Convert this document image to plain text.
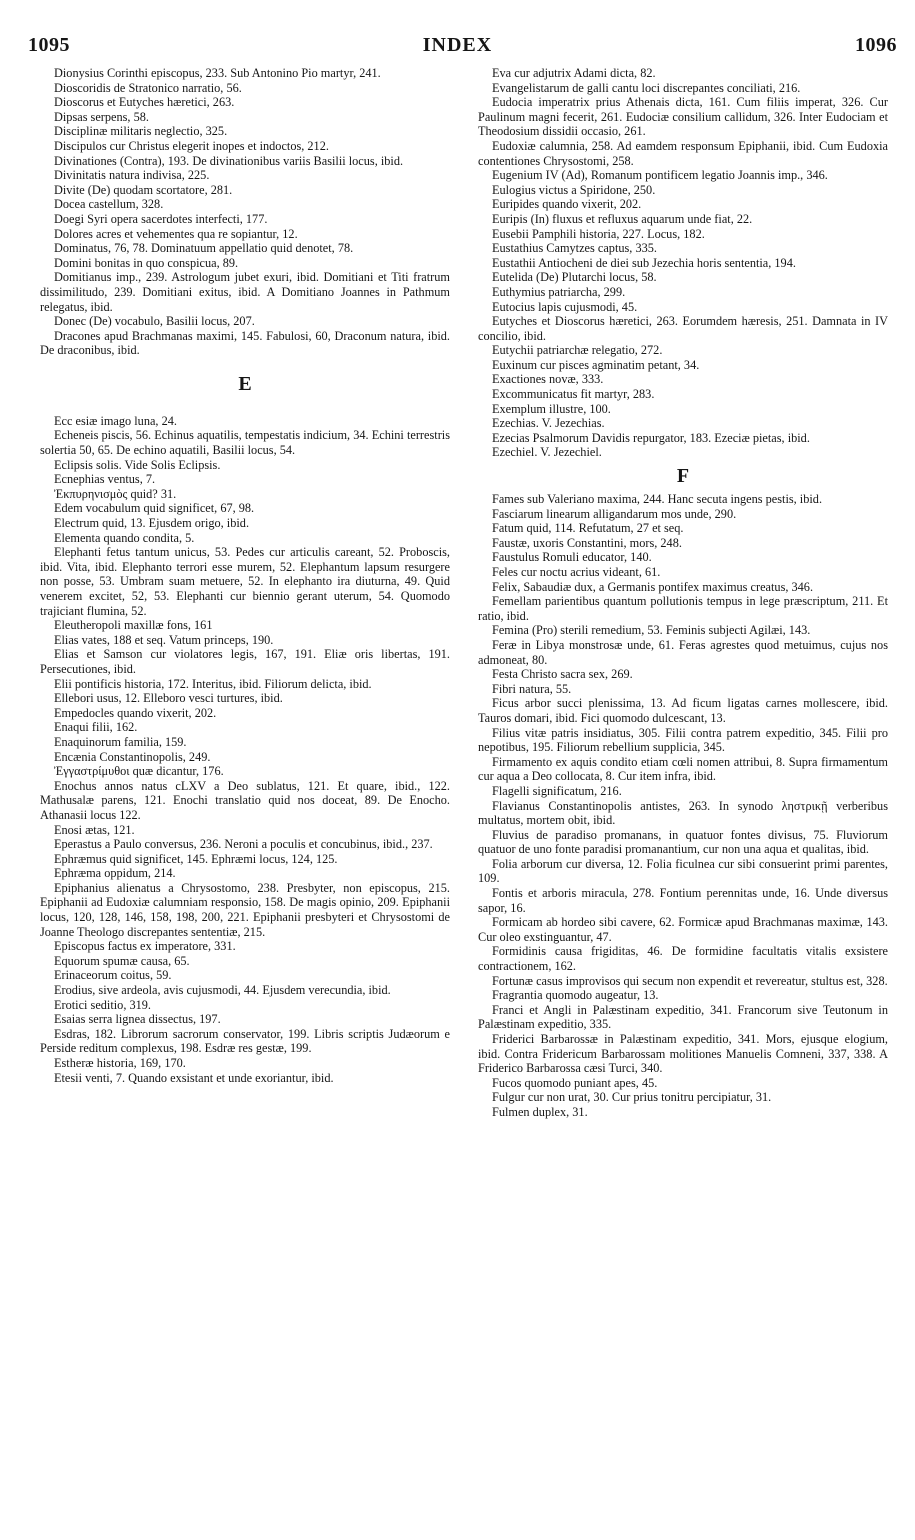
1095	INDEX	1096

Dionysius Corinthi episcopus, 233. Sub Antonino Pio martyr, 241.

Dioscoridis de Stratonico narratio, 56.

Dioscorus et Eutyches hæretici, 263.

Dipsas serpens, 58.

Disciplinæ militaris neglectio, 325.

Discipulos cur Christus elegerit inopes et indoctos, 212.

Divinationes (Contra), 193. De divinationibus variis Basilii locus, ibid.

Divinitatis natura indivisa, 225.

Divite (De) quodam scortatore, 281.

Docea castellum, 328.

Doegi Syri opera sacerdotes interfecti, 177.

Dolores acres et vehementes qua re sopiantur, 12.

Dominatus, 76, 78. Dominatuum appellatio quid denotet, 78.

Domini bonitas in quo conspicua, 89.

Domitianus imp., 239. Astrologum jubet exuri, ibid. Domitiani et Titi fratrum dissimilitudo, 239. Domitiani exitus, ibid. A Domitiano Joannes in Pathmum relegatus, ibid.

Donec (De) vocabulo, Basilii locus, 207.

Dracones apud Brachmanas maximi, 145. Fabulosi, 60, Draconum natura, ibid. De draconibus, ibid.

E

Ecc esiæ imago luna, 24.

Echeneis piscis, 56. Echinus aquatilis, tempestatis indicium, 34. Echini terrestris solertia 50, 65. De echino aquatili, Basilii locus, 54.

Eclipsis solis. Vide Solis Eclipsis.

Ecnephias ventus, 7.

Ἐκπυρηνισμὸς quid? 31.

Edem vocabulum quid significet, 67, 98.

Electrum quid, 13. Ejusdem origo, ibid.

Elementa quando condita, 5.

Elephanti fetus tantum unicus, 53. Pedes cur articulis careant, 52. Proboscis, ibid. Vita, ibid. Elephanto terrori esse murem, 52. Elephantum lapsum resurgere non posse, 53. Umbram suam metuere, 52. In elephanto ira diuturna, 49. Quid venerem excitet, 52, 53. Elephanti cur biennio gerant uterum, 54. Quomodo trajiciant flumina, 52.

Eleutheropoli maxillæ fons, 161

Elias vates, 188 et seq. Vatum princeps, 190.

Elias et Samson cur violatores legis, 167, 191. Eliæ oris libertas, 191. Persecutiones, ibid.

Elii pontificis historia, 172. Interitus, ibid. Filiorum delicta, ibid.

Ellebori usus, 12. Elleboro vesci turtures, ibid.

Empedocles quando vixerit, 202.

Enaqui filii, 162.

Enaquinorum familia, 159.

Encænia Constantinopolis, 249.

Ἐγγαστρίμυθοι quæ dicantur, 176.

Enochus annos natus cLXV a Deo sublatus, 121. Et quare, ibid., 122. Mathusalæ parens, 121. Enochi translatio quid nos doceat, 89. De Enocho. Athanasii locus 122.

Enosi ætas, 121.

Eperastus a Paulo conversus, 236. Neroni a poculis et concubinus, ibid., 237.

Ephræmus quid significet, 145. Ephræmi locus, 124, 125.

Ephræma oppidum, 214.

Epiphanius alienatus a Chrysostomo, 238. Presbyter, non episcopus, 215. Epiphanii ad Eudoxiæ calumniam responsio, 158. De magis opinio, 209. Epiphanii locus, 120, 128, 146, 158, 198, 200, 221. Epiphanii presbyteri et Chrysostomi de Joanne Theologo discrepantes sententiæ, 215.

Episcopus factus ex imperatore, 331.

Equorum spumæ causa, 65.

Erinaceorum coitus, 59.

Erodius, sive ardeola, avis cujusmodi, 44. Ejusdem verecundia, ibid.

Erotici seditio, 319.

Esaias serra lignea dissectus, 197.

Esdras, 182. Librorum sacrorum conservator, 199. Libris scriptis Judæorum e Perside reditum complexus, 198. Esdræ res gestæ, 199.

Estheræ historia, 169, 170.

Etesii venti, 7. Quando exsistant et unde exoriantur, ibid.

Eva cur adjutrix Adami dicta, 82.

Evangelistarum de galli cantu loci discrepantes conciliati, 216.

Eudocia imperatrix prius Athenais dicta, 161. Cum filiis imperat, 326. Cur Paulinum magni fecerit, 261. Eudociæ consilium callidum, 326. Inter Eudociam et Theodosium dissidii occasio, 261.

Eudoxiæ calumnia, 258. Ad eamdem responsum Epiphanii, ibid. Cum Eudoxia contentiones Chrysostomi, 258.

Eugenium IV (Ad), Romanum pontificem legatio Joannis imp., 346.

Eulogius victus a Spiridone, 250.

Euripides quando vixerit, 202.

Euripis (In) fluxus et refluxus aquarum unde fiat, 22.

Eusebii Pamphili historia, 227. Locus, 182.

Eustathius Camytzes captus, 335.

Eustathii Antiocheni de diei sub Jezechia horis sententia, 194.

Eutelida (De) Plutarchi locus, 58.

Euthymius patriarcha, 299.

Eutocius lapis cujusmodi, 45.

Eutyches et Dioscorus hæretici, 263. Eorumdem hæresis, 251. Damnata in IV concilio, ibid.

Eutychii patriarchæ relegatio, 272.

Euxinum cur pisces agminatim petant, 34.

Exactiones novæ, 333.

Excommunicatus fit martyr, 283.

Exemplum illustre, 100.

Ezechias. V. Jezechias.

Ezecias Psalmorum Davidis repurgator, 183. Ezeciæ pietas, ibid.

Ezechiel. V. Jezechiel.

F

Fames sub Valeriano maxima, 244. Hanc secuta ingens pestis, ibid.

Fasciarum linearum alligandarum mos unde, 290.

Fatum quid, 114. Refutatum, 27 et seq.

Faustæ, uxoris Constantini, mors, 248.

Faustulus Romuli educator, 140.

Feles cur noctu acrius videant, 61.

Felix, Sabaudiæ dux, a Germanis pontifex maximus creatus, 346.

Femellam parientibus quantum pollutionis tempus in lege præscriptum, 211. Et ratio, ibid.

Femina (Pro) sterili remedium, 53. Feminis subjecti Agilæi, 143.

Feræ in Libya monstrosæ unde, 61. Feras agrestes quod metuimus, cujus nos admoneat, 80.

Festa Christo sacra sex, 269.

Fibri natura, 55.

Ficus arbor succi plenissima, 13. Ad ficum ligatas carnes mollescere, ibid. Tauros domari, ibid. Fici quomodo dulcescant, 13.

Filius vitæ patris insidiatus, 305. Filii contra patrem expeditio, 345. Filii pro nepotibus, 195. Filiorum rebellium supplicia, 345.

Firmamento ex aquis condito etiam cœli nomen attribui, 8. Supra firmamentum cur aqua a Deo collocata, 8. Cur item infra, ibid.

Flagelli significatum, 216.

Flavianus Constantinopolis antistes, 263. In synodo ληστρικῇ verberibus multatus, mortem obit, ibid.

Fluvius de paradiso promanans, in quatuor fontes divisus, 75. Fluviorum quatuor de uno fonte paradisi promanantium, cur non una aqua et qualitas, ibid.

Folia arborum cur diversa, 12. Folia ficulnea cur sibi consuerint primi parentes, 109.

Fontis et arboris miracula, 278. Fontium perennitas unde, 16. Unde diversus sapor, 16.

Formicam ab hordeo sibi cavere, 62. Formicæ apud Brachmanas maximæ, 143. Cur oleo exstinguantur, 47.

Formidinis causa frigiditas, 46. De formidine facultatis vitalis exsistere contractionem, 162.

Fortunæ casus improvisos qui secum non expendit et revereatur, stultus est, 328.

Fragrantia quomodo augeatur, 13.

Franci et Angli in Palæstinam expeditio, 341. Francorum sive Teutonum in Palæstinam expeditio, 335.

Friderici Barbarossæ in Palæstinam expeditio, 341. Mors, ejusque elogium, ibid. Contra Fridericum Barbarossam molitiones Manuelis Comneni, 337, 338. A Friderico Barbarossa cæsi Turci, 340.

Fucos quomodo puniant apes, 45.

Fulgur cur non urat, 30. Cur prius tonitru percipiatur, 31.

Fulmen duplex, 31.
